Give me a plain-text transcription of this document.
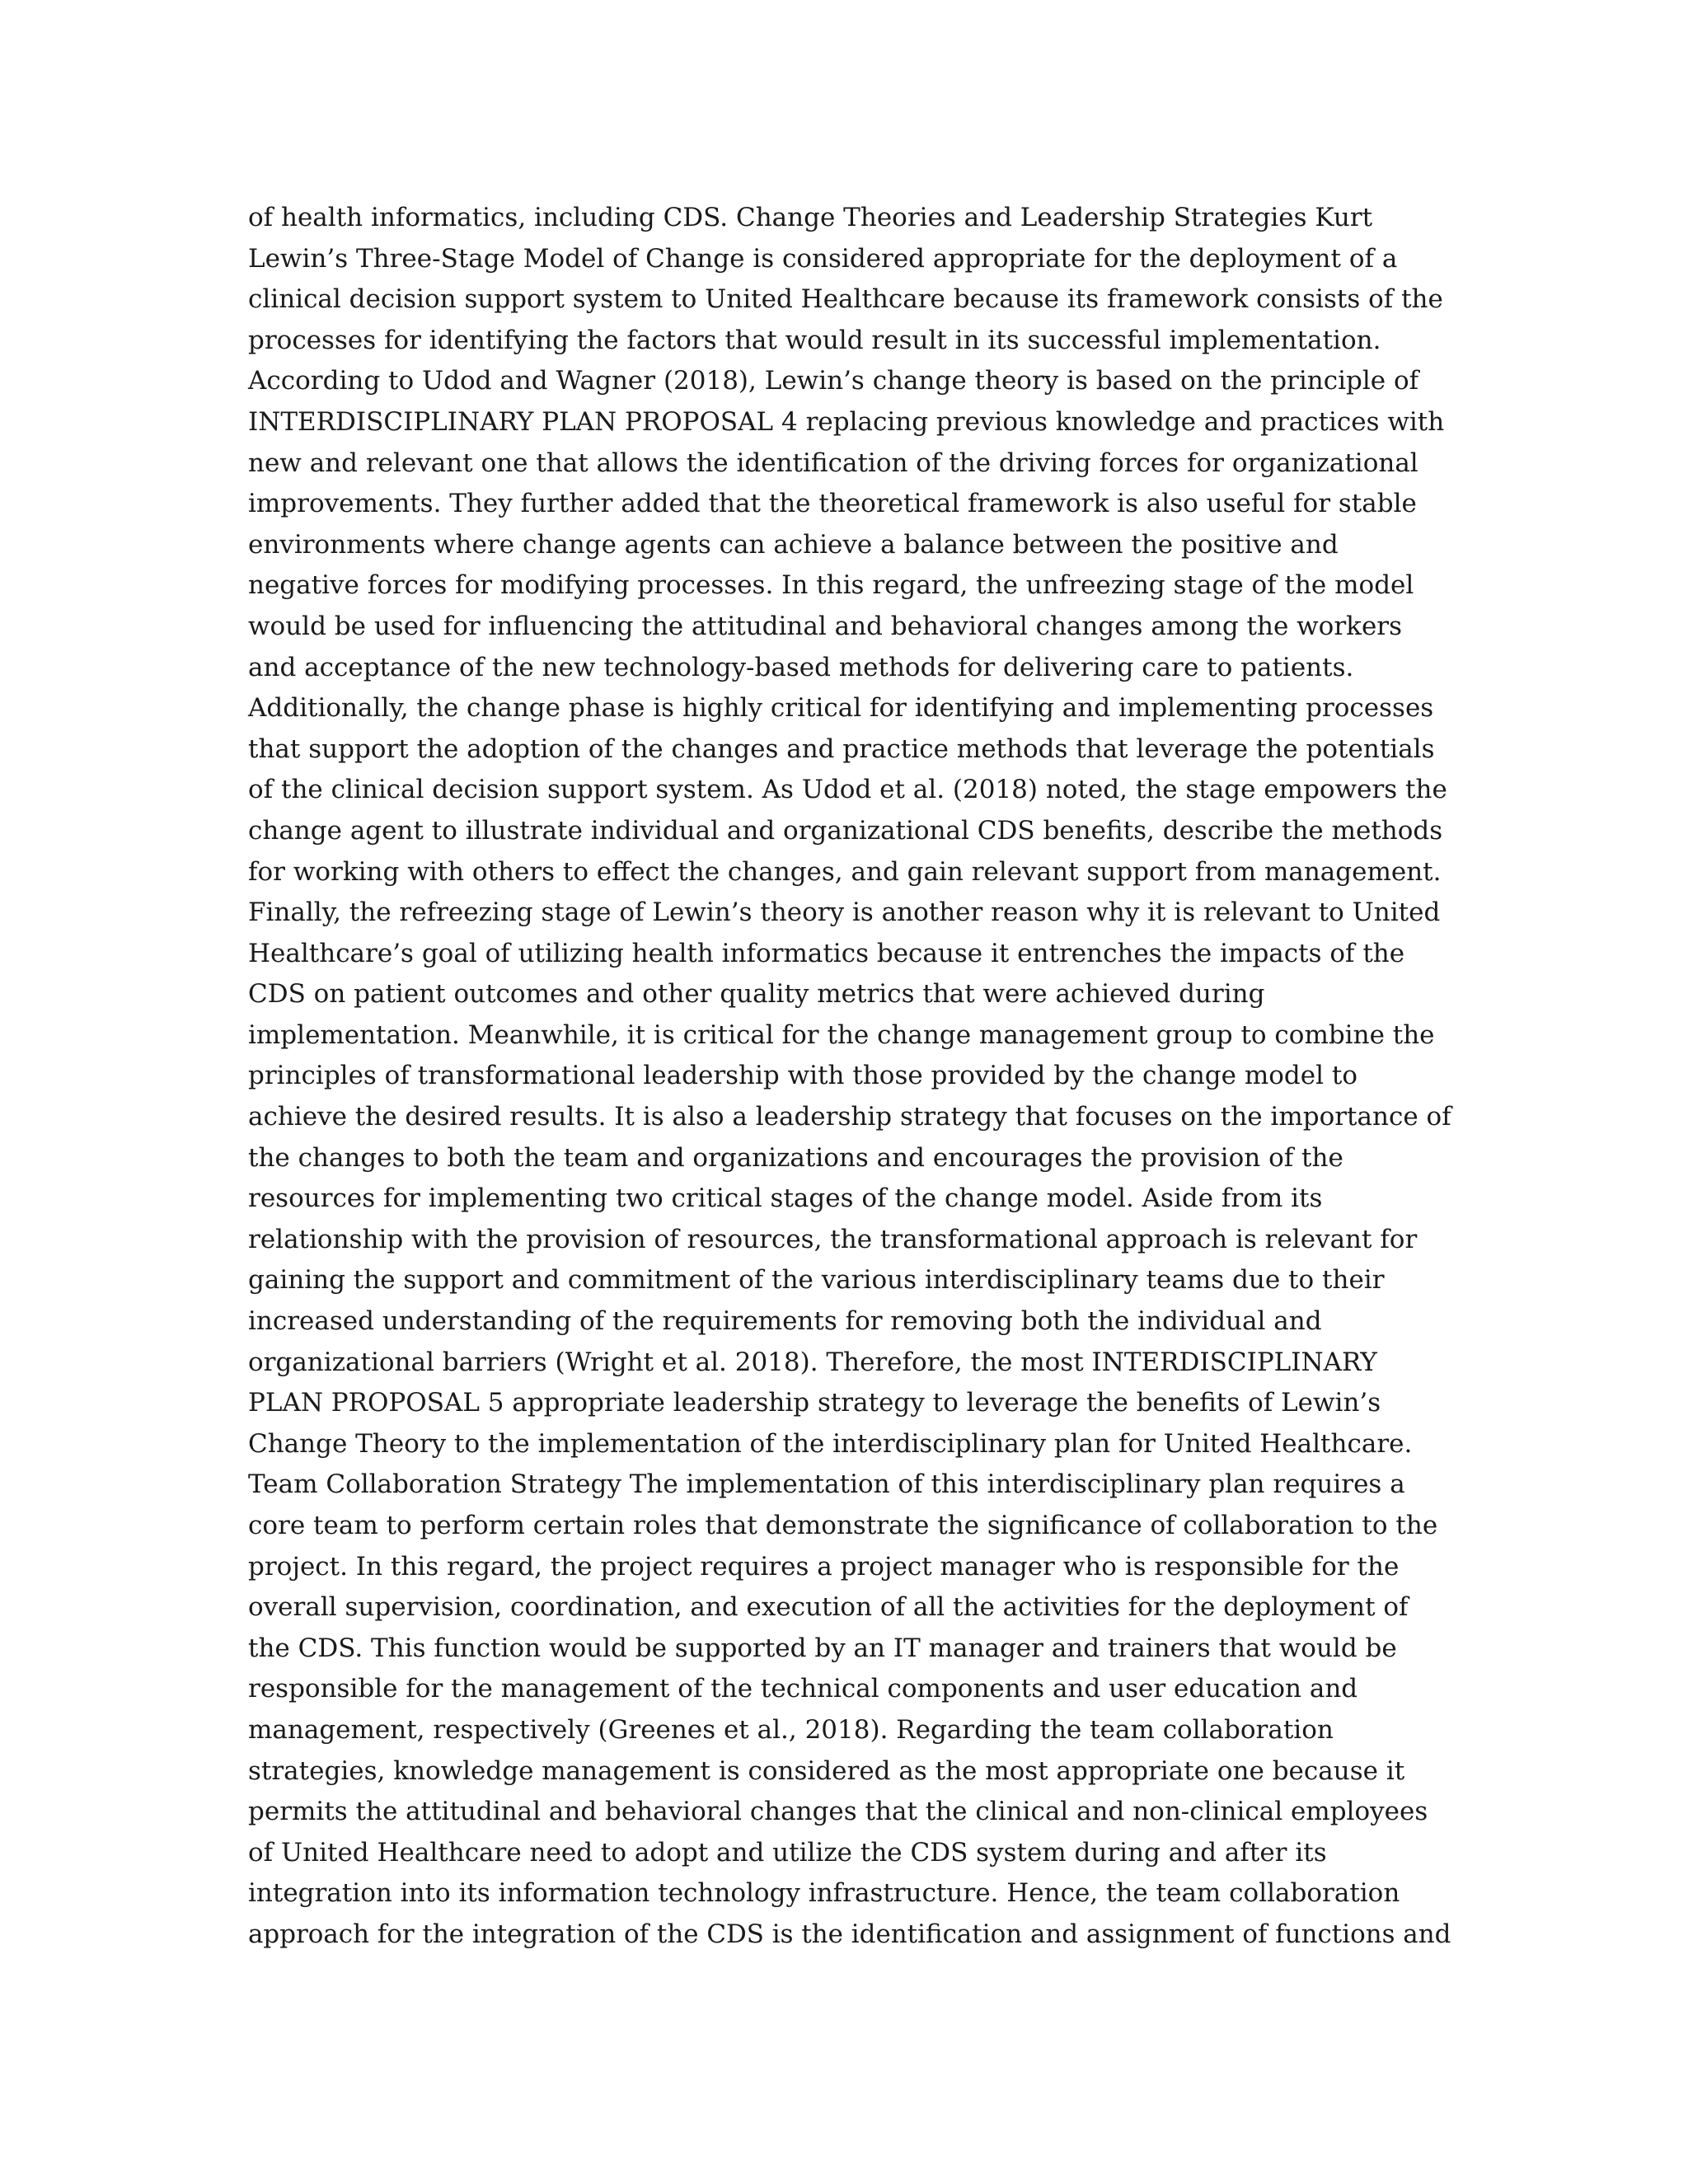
of health informatics, including CDS. Change Theories and Leadership Strategies Kurt
Lewin’s Three-Stage Model of Change is considered appropriate for the deployment of a
clinical decision support system to United Healthcare because its framework consists of the
processes for identifying the factors that would result in its successful implementation.
According to Udod and Wagner (2018), Lewin’s change theory is based on the principle of
INTERDISCIPLINARY PLAN PROPOSAL 4 replacing previous knowledge and practices with
new and relevant one that allows the identification of the driving forces for organizational
improvements. They further added that the theoretical framework is also useful for stable
environments where change agents can achieve a balance between the positive and
negative forces for modifying processes. In this regard, the unfreezing stage of the model
would be used for influencing the attitudinal and behavioral changes among the workers
and acceptance of the new technology-based methods for delivering care to patients.
Additionally, the change phase is highly critical for identifying and implementing processes
that support the adoption of the changes and practice methods that leverage the potentials
of the clinical decision support system. As Udod et al. (2018) noted, the stage empowers the
change agent to illustrate individual and organizational CDS benefits, describe the methods
for working with others to effect the changes, and gain relevant support from management.
Finally, the refreezing stage of Lewin’s theory is another reason why it is relevant to United
Healthcare’s goal of utilizing health informatics because it entrenches the impacts of the
CDS on patient outcomes and other quality metrics that were achieved during
implementation. Meanwhile, it is critical for the change management group to combine the
principles of transformational leadership with those provided by the change model to
achieve the desired results. It is also a leadership strategy that focuses on the importance of
the changes to both the team and organizations and encourages the provision of the
resources for implementing two critical stages of the change model. Aside from its
relationship with the provision of resources, the transformational approach is relevant for
gaining the support and commitment of the various interdisciplinary teams due to their
increased understanding of the requirements for removing both the individual and
organizational barriers (Wright et al. 2018). Therefore, the most INTERDISCIPLINARY
PLAN PROPOSAL 5 appropriate leadership strategy to leverage the benefits of Lewin’s
Change Theory to the implementation of the interdisciplinary plan for United Healthcare.
Team Collaboration Strategy The implementation of this interdisciplinary plan requires a
core team to perform certain roles that demonstrate the significance of collaboration to the
project. In this regard, the project requires a project manager who is responsible for the
overall supervision, coordination, and execution of all the activities for the deployment of
the CDS. This function would be supported by an IT manager and trainers that would be
responsible for the management of the technical components and user education and
management, respectively (Greenes et al., 2018). Regarding the team collaboration
strategies, knowledge management is considered as the most appropriate one because it
permits the attitudinal and behavioral changes that the clinical and non-clinical employees
of United Healthcare need to adopt and utilize the CDS system during and after its
integration into its information technology infrastructure. Hence, the team collaboration
approach for the integration of the CDS is the identification and assignment of functions and
